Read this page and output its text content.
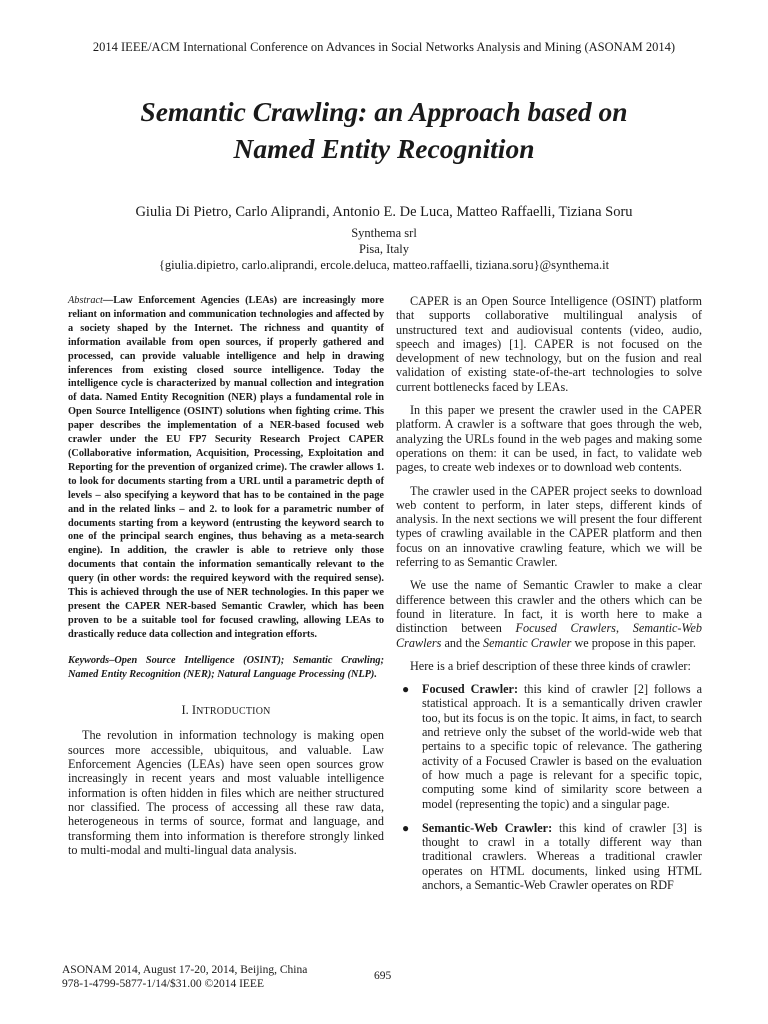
2014 IEEE/ACM International Conference on Advances in Social Networks Analysis and Mining (ASONAM 2014)
Semantic Crawling: an Approach based on
Named Entity Recognition
Giulia Di Pietro, Carlo Aliprandi, Antonio E. De Luca, Matteo Raffaelli, Tiziana Soru
Synthema srl
Pisa, Italy
{giulia.dipietro, carlo.aliprandi, ercole.deluca, matteo.raffaelli, tiziana.soru}@synthema.it

Abstract—Law Enforcement Agencies (LEAs) are increasingly more reliant on information and communication technologies and affected by a society shaped by the Internet. The richness and quantity of information available from open sources, if properly gathered and processed, can provide valuable intelligence and help in drawing inferences from existing closed source intelligence. Today the intelligence cycle is characterized by manual collection and integration of data. Named Entity Recognition (NER) plays a fundamental role in Open Source Intelligence (OSINT) solutions when fighting crime. This paper describes the implementation of a NER-based focused web crawler under the EU FP7 Security Research Project CAPER (Collaborative information, Acquisition, Processing, Exploitation and Reporting for the prevention of organized crime). The crawler allows 1. to look for documents starting from a URL until a parametric depth of levels – also specifying a keyword that has to be contained in the page and in the related links – and 2. to look for a parametric number of documents starting from a keyword (entrusting the keyword search to one of the principal search engines, thus behaving as a meta-search engine). In addition, the crawler is able to retrieve only those documents that contain the information semantically relevant to the query (in other words: the required keyword with the required sense). This is achieved through the use of NER technologies. In this paper we present the CAPER NER-based Semantic Crawler, which has been proven to be a suitable tool for focused crawling, allowing LEAs to drastically reduce data collection and integration efforts.

Keywords–Open Source Intelligence (OSINT); Semantic Crawling; Named Entity Recognition (NER); Natural Language Processing (NLP).

I. INTRODUCTION

The revolution in information technology is making open sources more accessible, ubiquitous, and valuable. Law Enforcement Agencies (LEAs) have seen open sources grow increasingly in recent years and most valuable intelligence information is often hidden in files which are neither structured nor classified. The process of accessing all these raw data, heterogeneous in terms of source, format and language, and transforming them into information is therefore strongly linked to multi-modal and multi-lingual data analysis.

CAPER is an Open Source Intelligence (OSINT) platform that supports collaborative multilingual analysis of unstructured text and audiovisual contents (video, audio, speech and images) [1]. CAPER is not focused on the development of new technology, but on the fusion and real validation of existing state-of-the-art technologies to solve current bottlenecks faced by LEAs.

In this paper we present the crawler used in the CAPER platform. A crawler is a software that goes through the web, analyzing the URLs found in the web pages and making some operations on them: it can be used, in fact, to validate web pages, to create web indexes or to download web contents.

The crawler used in the CAPER project seeks to download web content to perform, in later steps, different kinds of analysis. In the next sections we will present the four different types of crawling available in the CAPER platform and then focus on an innovative crawling feature, which we will be referring to as Semantic Crawler.

We use the name of Semantic Crawler to make a clear difference between this crawler and the others which can be found in literature. In fact, it is worth here to make a distinction between Focused Crawlers, Semantic-Web Crawlers and the Semantic Crawler we propose in this paper.

Here is a brief description of these three kinds of crawler:

● Focused Crawler: this kind of crawler [2] follows a statistical approach. It is a semantically driven crawler too, but its focus is on the topic. It aims, in fact, to search and retrieve only the subset of the world-wide web that pertains to a specific topic of relevance. The gathering activity of a Focused Crawler is based on the evaluation of how much a page is relevant for a specific topic, computing some kind of similarity score between a model (representing the topic) and a singular page.
● Semantic-Web Crawler: this kind of crawler [3] is thought to crawl in a totally different way than traditional crawlers. Whereas a traditional crawler operates on HTML documents, linked using HTML anchors, a Semantic-Web Crawler operates on RDF
ASONAM 2014, August 17-20, 2014, Beijing, China
978-1-4799-5877-1/14/$31.00 ©2014 IEEE
695
